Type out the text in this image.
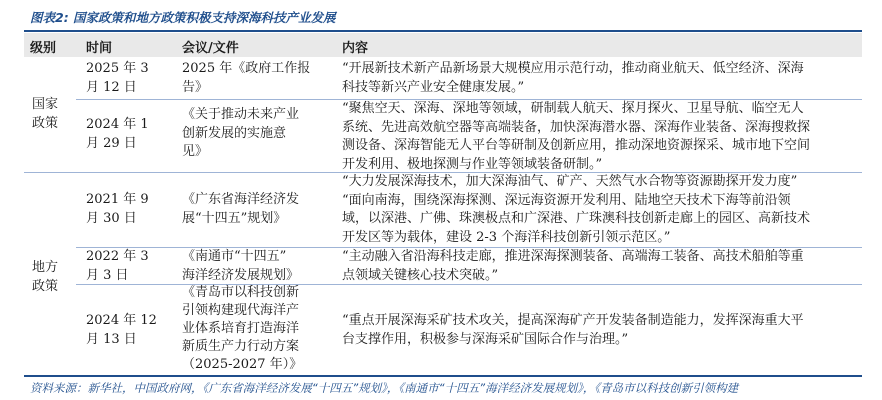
图表2: 国家政策和地方政策积极支持深海科技产业发展
级别 时间	会议/文件	内容
国家政策
地方政策
2025 年 3
月 12 日
2025 年《政府工作报
告》
“开展新技术新产品新场景大规模应用示范行动，推动商业航天、低空经济、深海
科技等新兴产业安全健康发展。”
2024 年 1
月 29 日
《关于推动未来产业
创新发展的实施意
见》
“聚焦空天、深海、深地等领域，研制载人航天、探月探火、卫星导航、临空无人
系统、先进高效航空器等高端装备，加快深海潜水器、深海作业装备、深海搜救探
测设备、深海智能无人平台等研制及创新应用，推动深地资源探采、城市地下空间
开发利用、极地探测与作业等领域装备研制。”
2021 年 9
月 30 日
《广东省海洋经济发
展“十四五”规划》
“大力发展深海技术，加大深海油气、矿产、天然气水合物等资源勘探开发力度”
“面向南海，围绕深海探测、深远海资源开发利用、陆地空天技术下海等前沿领
域，以深港、广佛、珠澳极点和广深港、广珠澳科技创新走廊上的园区、高新技术
开发区等为载体，建设 2-3 个海洋科技创新引领示范区。”
2022 年 3
月 3 日
《南通市“十四五”
海洋经济发展规划》
“主动融入省沿海科技走廊，推进深海探测装备、高端海工装备、高技术船舶等重
点领域关键核心技术突破。”
2024 年 12
月 13 日
《青岛市以科技创新
引领构建现代海洋产
业体系培育打造海洋
新质生产力行动方案
（2025-2027 年）》
“重点开展深海采矿技术攻关，提高深海矿产开发装备制造能力，发挥深海重大平
台支撑作用，积极参与深海采矿国际合作与治理。”
资料来源：新华社，中国政府网，《广东省海洋经济发展“十四五”规划》，《南通市“十四五”海洋经济发展规划》，《青岛市以科技创新引领构建
